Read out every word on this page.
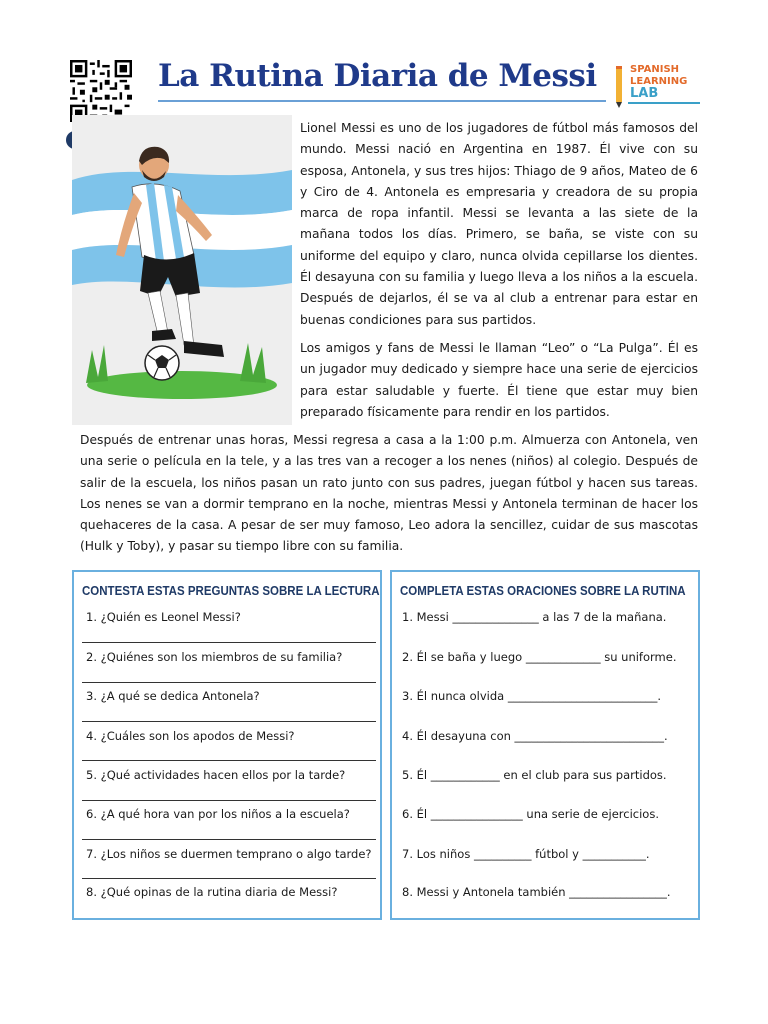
La Rutina Diaria de Messi	SPANISH
LEARNING
LAB

Lionel Messi es uno de los jugadores de fútbol más famosos del mundo. Messi nació en Argentina en 1987. Él vive con su esposa, Antonela, y sus tres hijos: Thiago de 9 años, Mateo de 6 y Ciro de 4. Antonela es empresaria y creadora de su propia marca de ropa infantil. Messi se levanta a las siete de la mañana todos los días. Primero, se baña, se viste con su uniforme del equipo y claro, nunca olvida cepillarse los dientes. Él desayuna con su familia y luego lleva a los niños a la escuela. Después de dejarlos, él se va al club a entrenar para estar en buenas condiciones para sus partidos.

Los amigos y fans de Messi le llaman “Leo” o “La Pulga”. Él es un jugador muy dedicado y siempre hace una serie de ejercicios para estar saludable y fuerte. Él tiene que estar muy bien preparado físicamente para rendir en los partidos.

Después de entrenar unas horas, Messi regresa a casa a la 1:00 p.m. Almuerza con Antonela, ven una serie o película en la tele, y a las tres van a recoger a los nenes (niños) al colegio. Después de salir de la escuela, los niños pasan un rato junto con sus padres, juegan fútbol y hacen sus tareas. Los nenes se van a dormir temprano en la noche, mientras Messi y Antonela terminan de hacer los quehaceres de la casa. A pesar de ser muy famoso, Leo adora la sencillez, cuidar de sus mascotas (Hulk y Toby), y pasar su tiempo libre con su familia.

CONTESTA ESTAS PREGUNTAS SOBRE LA LECTURA
1. ¿Quién es Leonel Messi?
2. ¿Quiénes son los miembros de su familia?
3. ¿A qué se dedica Antonela?
4. ¿Cuáles son los apodos de Messi?
5. ¿Qué actividades hacen ellos por la tarde?
6. ¿A qué hora van por los niños a la escuela?
7. ¿Los niños se duermen temprano o algo tarde?
8. ¿Qué opinas de la rutina diaria de Messi?
COMPLETA ESTAS ORACIONES SOBRE LA RUTINA
1. Messi _______________ a las 7 de la mañana.
2. Él se baña y luego _____________ su uniforme.
3. Él nunca olvida __________________________.
4. Él desayuna con __________________________.
5. Él ____________ en el club para sus partidos.
6. Él ________________ una serie de ejercicios.
7. Los niños __________ fútbol y ___________.
8. Messi y Antonela también _________________.
